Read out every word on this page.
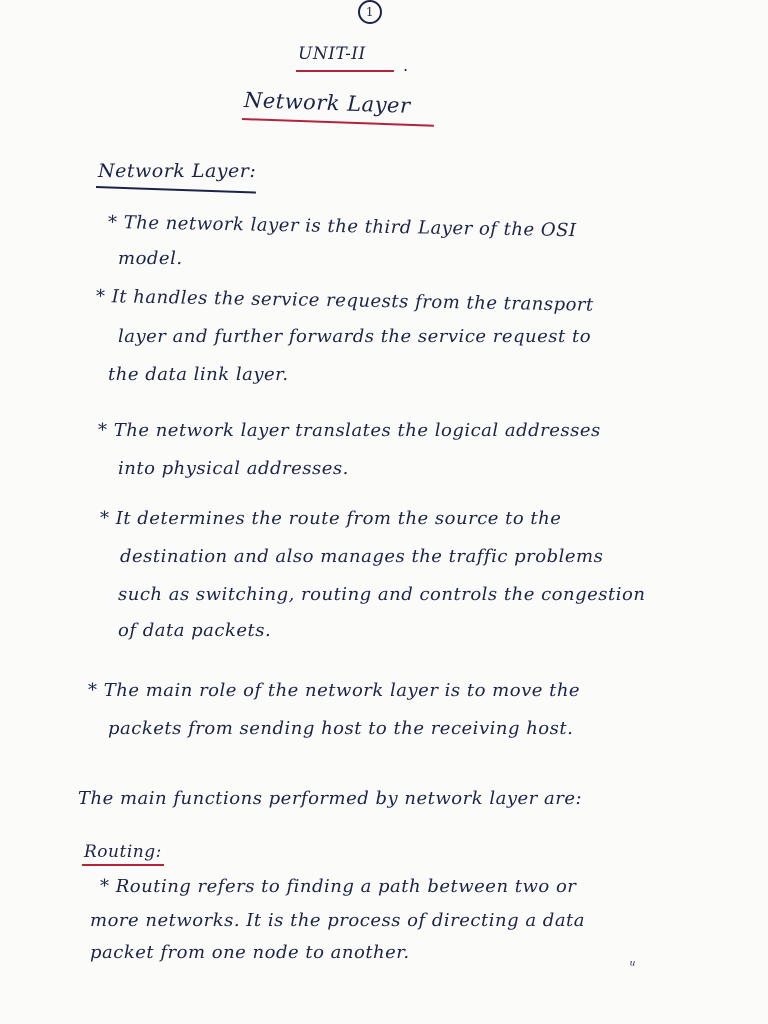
1
UNIT-II
.
Network Layer
Network Layer:
* The network layer is the third Layer of the OSI
model.
* It handles the service requests from the transport
layer and further forwards the service request to
the data link layer.
* The network layer translates the logical addresses
into physical addresses.
* It determines the route from the source to the
destination and also manages the traffic problems
such as switching, routing and controls the congestion
of data packets.
* The main role of the network layer is to move the
packets from sending host to the receiving host.
The main functions performed by network layer are:
Routing:
* Routing refers to finding a path between two or
more networks. It is the process of directing a data
packet from one node to another.
ᵘ
